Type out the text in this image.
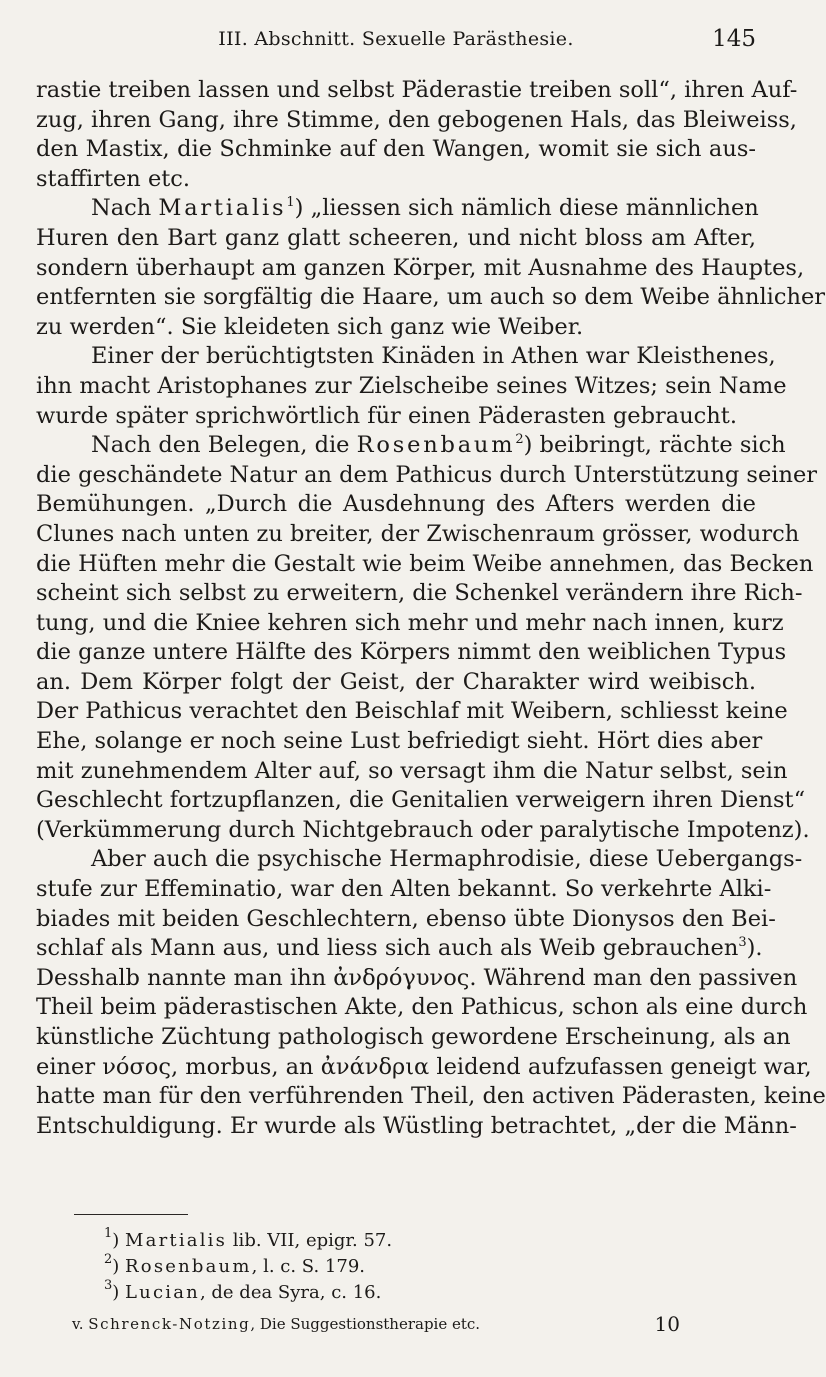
III. Abschnitt. Sexuelle Parästhesie.	145
rastie treiben lassen und selbst Päderastie treiben soll“, ihren Auf-
zug, ihren Gang, ihre Stimme, den gebogenen Hals, das Bleiweiss,
den Mastix, die Schminke auf den Wangen, womit sie sich aus-
staffirten etc.
Nach Martialis$^1$) „liessen sich nämlich diese männlichen
Huren den Bart ganz glatt scheeren, und nicht bloss am After,
sondern überhaupt am ganzen Körper, mit Ausnahme des Hauptes,
entfernten sie sorgfältig die Haare, um auch so dem Weibe ähnlicher
zu werden“. Sie kleideten sich ganz wie Weiber.
Einer der berüchtigtsten Kinäden in Athen war Kleisthenes,
ihn macht Aristophanes zur Zielscheibe seines Witzes; sein Name
wurde später sprichwörtlich für einen Päderasten gebraucht.
Nach den Belegen, die Rosenbaum$^2$) beibringt, rächte sich
die geschändete Natur an dem Pathicus durch Unterstützung seiner
Bemühungen. „Durch die Ausdehnung des Afters werden die
Clunes nach unten zu breiter, der Zwischenraum grösser, wodurch
die Hüften mehr die Gestalt wie beim Weibe annehmen, das Becken
scheint sich selbst zu erweitern, die Schenkel verändern ihre Rich-
tung, und die Kniee kehren sich mehr und mehr nach innen, kurz
die ganze untere Hälfte des Körpers nimmt den weiblichen Typus
an. Dem Körper folgt der Geist, der Charakter wird weibisch.
Der Pathicus verachtet den Beischlaf mit Weibern, schliesst keine
Ehe, solange er noch seine Lust befriedigt sieht. Hört dies aber
mit zunehmendem Alter auf, so versagt ihm die Natur selbst, sein
Geschlecht fortzupflanzen, die Genitalien verweigern ihren Dienst“
(Verkümmerung durch Nichtgebrauch oder paralytische Impotenz).
Aber auch die psychische Hermaphrodisie, diese Uebergangs-
stufe zur Effeminatio, war den Alten bekannt. So verkehrte Alki-
biades mit beiden Geschlechtern, ebenso übte Dionysos den Bei-
schlaf als Mann aus, und liess sich auch als Weib gebrauchen$^3$).
Desshalb nannte man ihn ἀνδρόγυνος. Während man den passiven
Theil beim päderastischen Akte, den Pathicus, schon als eine durch
künstliche Züchtung pathologisch gewordene Erscheinung, als an
einer νόσος, morbus, an ἀνάνδρια leidend aufzufassen geneigt war,
hatte man für den verführenden Theil, den activen Päderasten, keine
Entschuldigung. Er wurde als Wüstling betrachtet, „der die Männ-
$^1$) Martialis lib. VII, epigr. 57.
$^2$) Rosenbaum, l. c. S. 179.
$^3$) Lucian, de dea Syra, c. 16.
v. Schrenck-Notzing, Die Suggestionstherapie etc.	10
